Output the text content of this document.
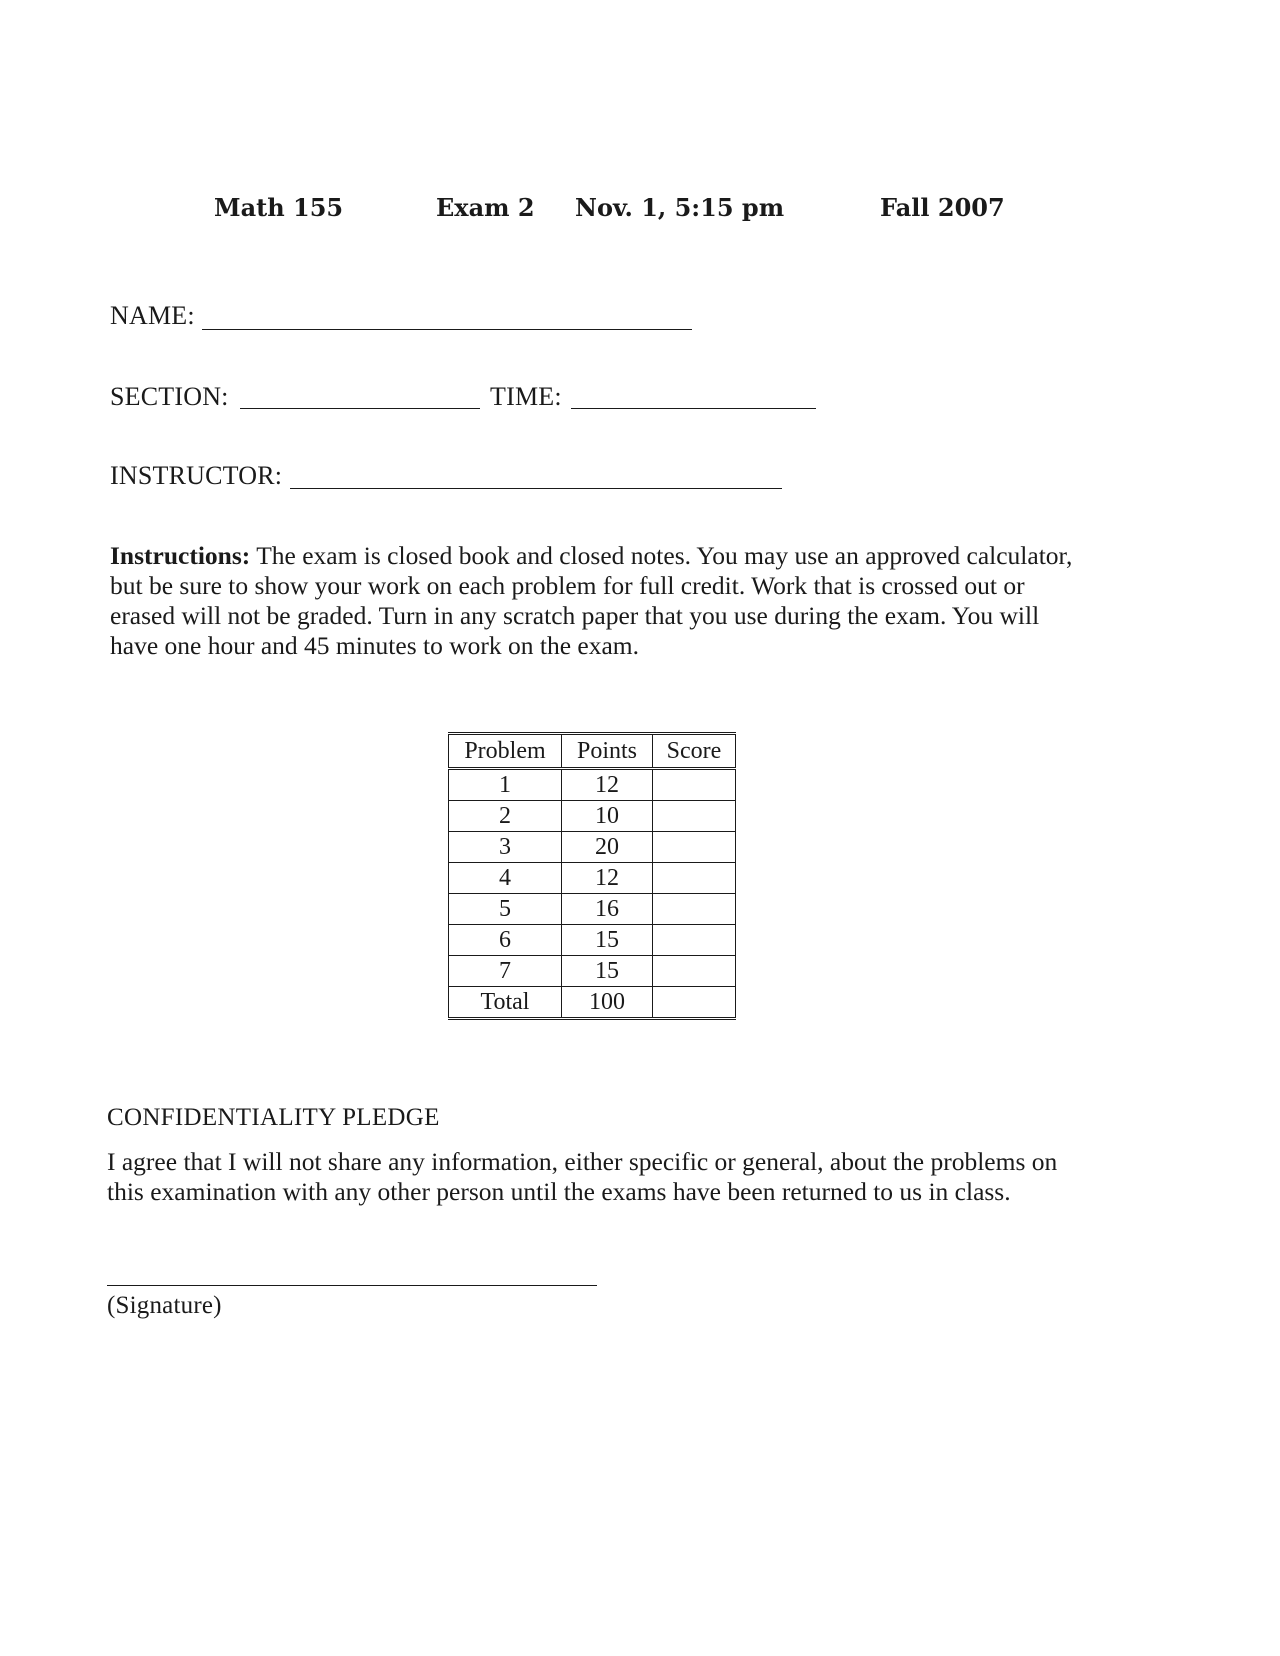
Math 155	Exam 2 Nov. 1, 5:15 pm	Fall 2007
NAME:
SECTION:	TIME:
INSTRUCTOR:
Instructions: The exam is closed book and closed notes. You may use an approved calculator, but be sure to show your work on each problem for full credit. Work that is crossed out or erased will not be graded. Turn in any scratch paper that you use during the exam. You will have one hour and 45 minutes to work on the exam.
Problem	Points	Score
1	12	
2	10	
3	20	
4	12	
5	16	
6	15	
7	15	
Total	100	
CONFIDENTIALITY PLEDGE
I agree that I will not share any information, either specific or general, about the problems on this examination with any other person until the exams have been returned to us in class.
(Signature)
